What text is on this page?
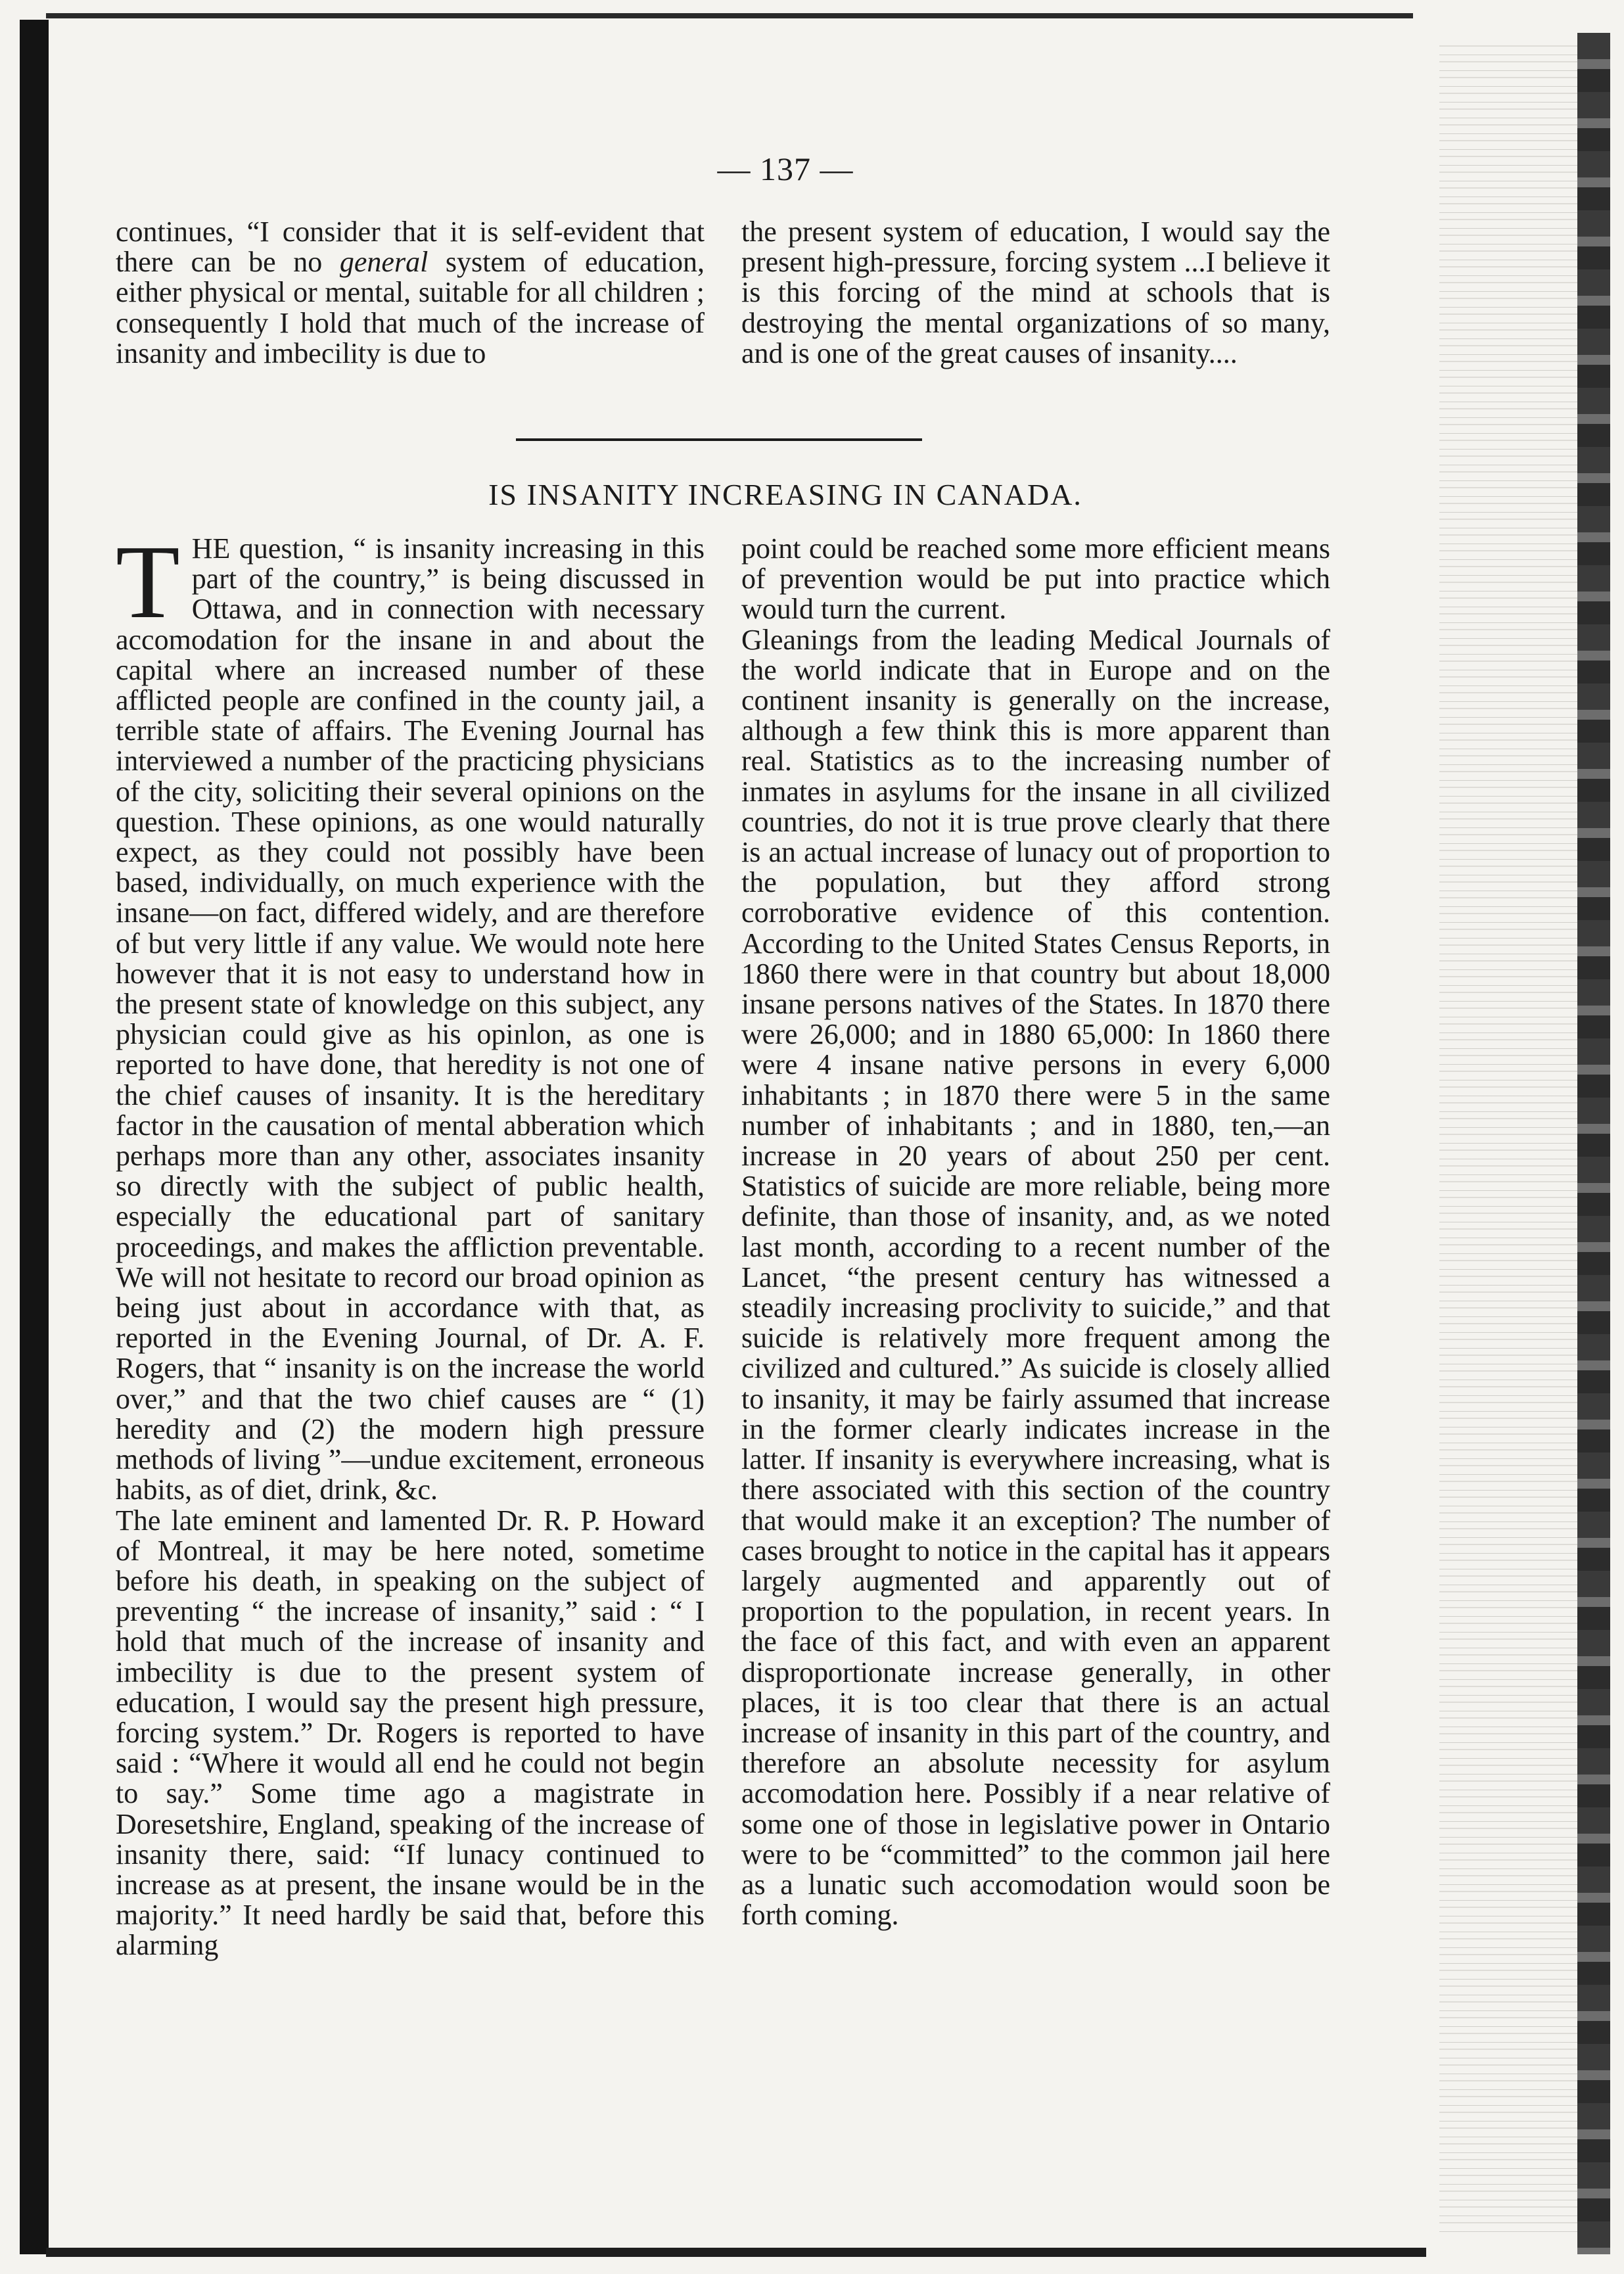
— 137 —

continues, “I consider that it is self-evident that there can be no general system of education, either physical or mental, suitable for all children ; consequently I hold that much of the increase of insanity and imbecility is due to

the present system of education, I would say the present high-pressure, forcing system ...I believe it is this forcing of the mind at schools that is destroying the mental organizations of so many, and is one of the great causes of insanity....

IS INSANITY INCREASING IN CANADA.

THE question, “ is insanity increasing in this part of the country,” is being discussed in Ottawa, and in connection with necessary accomodation for the insane in and about the capital where an increased number of these afflicted people are confined in the county jail, a terrible state of affairs. The Evening Journal has interviewed a number of the practicing physicians of the city, soliciting their several opinions on the question. These opinions, as one would naturally expect, as they could not possibly have been based, individually, on much experience with the insane—on fact, differed widely, and are therefore of but very little if any value. We would note here however that it is not easy to understand how in the present state of knowledge on this subject, any physician could give as his opinlon, as one is reported to have done, that heredity is not one of the chief causes of insanity. It is the hereditary factor in the causation of mental abberation which perhaps more than any other, associates insanity so directly with the subject of public health, especially the educational part of sanitary proceedings, and makes the affliction preventable. We will not hesitate to record our broad opinion as being just about in accordance with that, as reported in the Evening Journal, of Dr. A. F. Rogers, that “ insanity is on the increase the world over,” and that the two chief causes are “ (1) heredity and (2) the modern high pressure methods of living ”—undue excitement, erroneous habits, as of diet, drink, &c.

The late eminent and lamented Dr. R. P. Howard of Montreal, it may be here noted, sometime before his death, in speaking on the subject of preventing “ the increase of insanity,” said : “ I hold that much of the increase of insanity and imbecility is due to the present system of education, I would say the present high pressure, forcing system.” Dr. Rogers is reported to have said : “Where it would all end he could not begin to say.” Some time ago a magistrate in Doresetshire, England, speaking of the increase of insanity there, said: “If lunacy continued to increase as at present, the insane would be in the majority.” It need hardly be said that, before this alarming

point could be reached some more efficient means of prevention would be put into practice which would turn the current.

Gleanings from the leading Medical Journals of the world indicate that in Europe and on the continent insanity is generally on the increase, although a few think this is more apparent than real. Statistics as to the increasing number of inmates in asylums for the insane in all civilized countries, do not it is true prove clearly that there is an actual increase of lunacy out of proportion to the population, but they afford strong corroborative evidence of this contention. According to the United States Census Reports, in 1860 there were in that country but about 18,000 insane persons natives of the States. In 1870 there were 26,000; and in 1880 65,000: In 1860 there were 4 insane native persons in every 6,000 inhabitants ; in 1870 there were 5 in the same number of inhabitants ; and in 1880, ten,—an increase in 20 years of about 250 per cent. Statistics of suicide are more reliable, being more definite, than those of insanity, and, as we noted last month, according to a recent number of the Lancet, “the present century has witnessed a steadily increasing proclivity to suicide,” and that suicide is relatively more frequent among the civilized and cultured.” As suicide is closely allied to insanity, it may be fairly assumed that increase in the former clearly indicates increase in the latter. If insanity is everywhere increasing, what is there associated with this section of the country that would make it an exception? The number of cases brought to notice in the capital has it appears largely augmented and apparently out of proportion to the population, in recent years. In the face of this fact, and with even an apparent disproportionate increase generally, in other places, it is too clear that there is an actual increase of insanity in this part of the country, and therefore an absolute necessity for asylum accomodation here. Possibly if a near relative of some one of those in legislative power in Ontario were to be “committed” to the common jail here as a lunatic such accomodation would soon be forth coming.
